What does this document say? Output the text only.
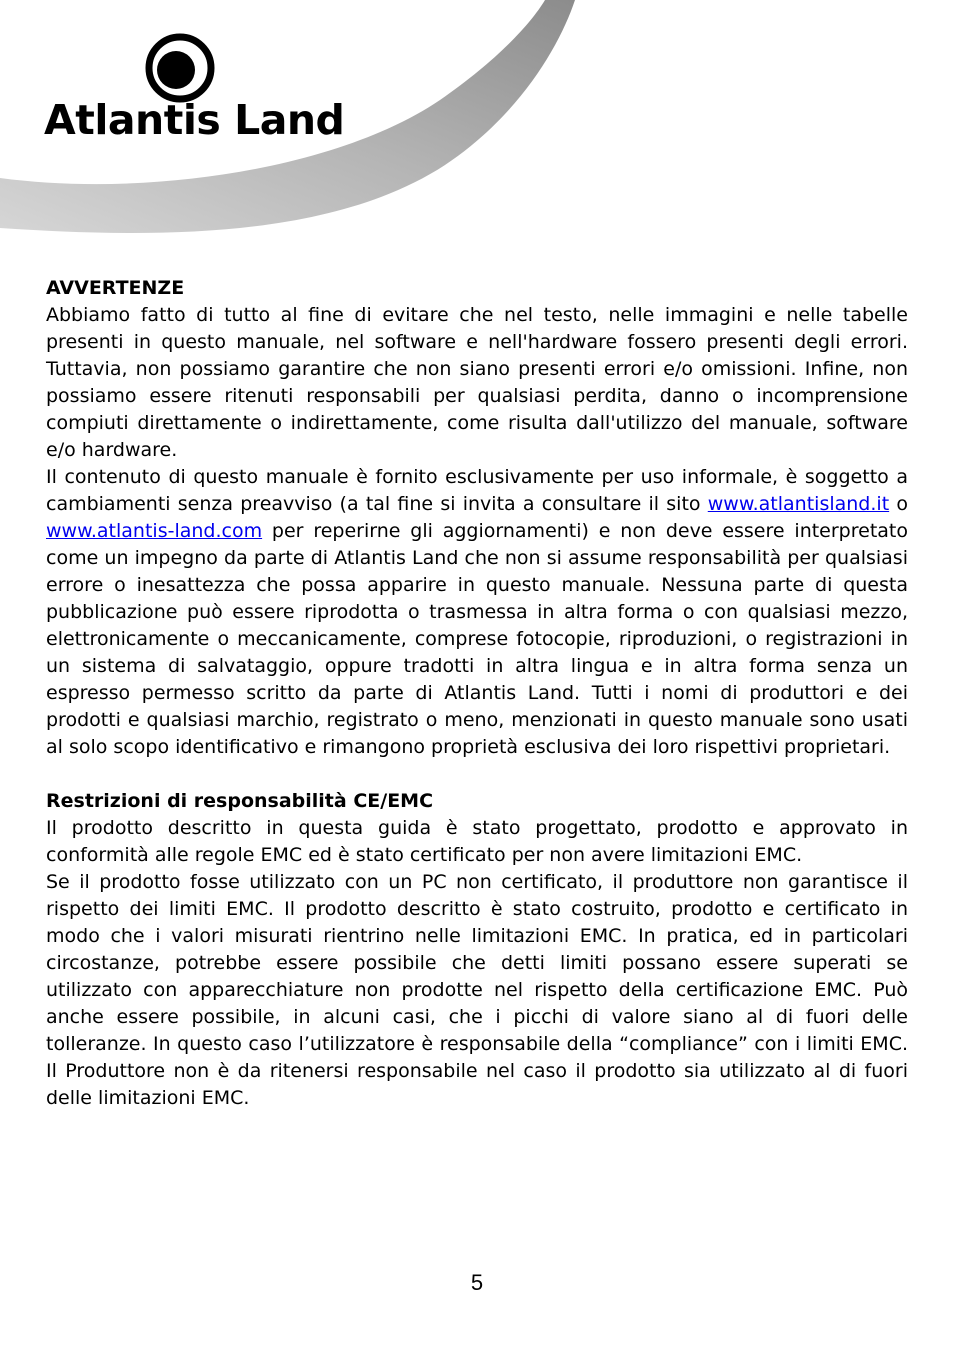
Atlantis Land
AVVERTENZE

Abbiamo fatto di tutto al fine di evitare che nel testo, nelle immagini e nelle tabelle presenti in questo manuale, nel software e nell'hardware fossero presenti degli errori. Tuttavia, non possiamo garantire che non siano presenti errori e/o omissioni. Infine, non possiamo essere ritenuti responsabili per qualsiasi perdita, danno o incomprensione compiuti direttamente o indirettamente, come risulta dall'utilizzo del manuale, software e/o hardware.

Il contenuto di questo manuale è fornito esclusivamente per uso informale, è soggetto a cambiamenti senza preavviso (a tal fine si invita a consultare il sito www.atlantisland.it o www.atlantis-land.com per reperirne gli aggiornamenti) e non deve essere interpretato come un impegno da parte di Atlantis Land che non si assume responsabilità per qualsiasi errore o inesattezza che possa apparire in questo manuale. Nessuna parte di questa pubblicazione può essere riprodotta o trasmessa in altra forma o con qualsiasi mezzo, elettronicamente o meccanicamente, comprese fotocopie, riproduzioni, o registrazioni in un sistema di salvataggio, oppure tradotti in altra lingua e in altra forma senza un espresso permesso scritto da parte di Atlantis Land. Tutti i nomi di produttori e dei prodotti e qualsiasi marchio, registrato o meno, menzionati in questo manuale sono usati al solo scopo identificativo e rimangono proprietà esclusiva dei loro rispettivi proprietari.

Restrizioni di responsabilità CE/EMC

Il prodotto descritto in questa guida è stato progettato, prodotto e approvato in conformità alle regole EMC ed è stato certificato per non avere limitazioni EMC.

Se il prodotto fosse utilizzato con un PC non certificato, il produttore non garantisce il rispetto dei limiti EMC. Il prodotto descritto è stato costruito, prodotto e certificato in modo che i valori misurati rientrino nelle limitazioni EMC. In pratica, ed in particolari circostanze, potrebbe essere possibile che detti limiti possano essere superati se utilizzato con apparecchiature non prodotte nel rispetto della certificazione EMC. Può anche essere possibile, in alcuni casi, che i picchi di valore siano al di fuori delle tolleranze. In questo caso l’utilizzatore è responsabile della “compliance” con i limiti EMC. Il Produttore non è da ritenersi responsabile nel caso il prodotto sia utilizzato al di fuori delle limitazioni EMC.

5
